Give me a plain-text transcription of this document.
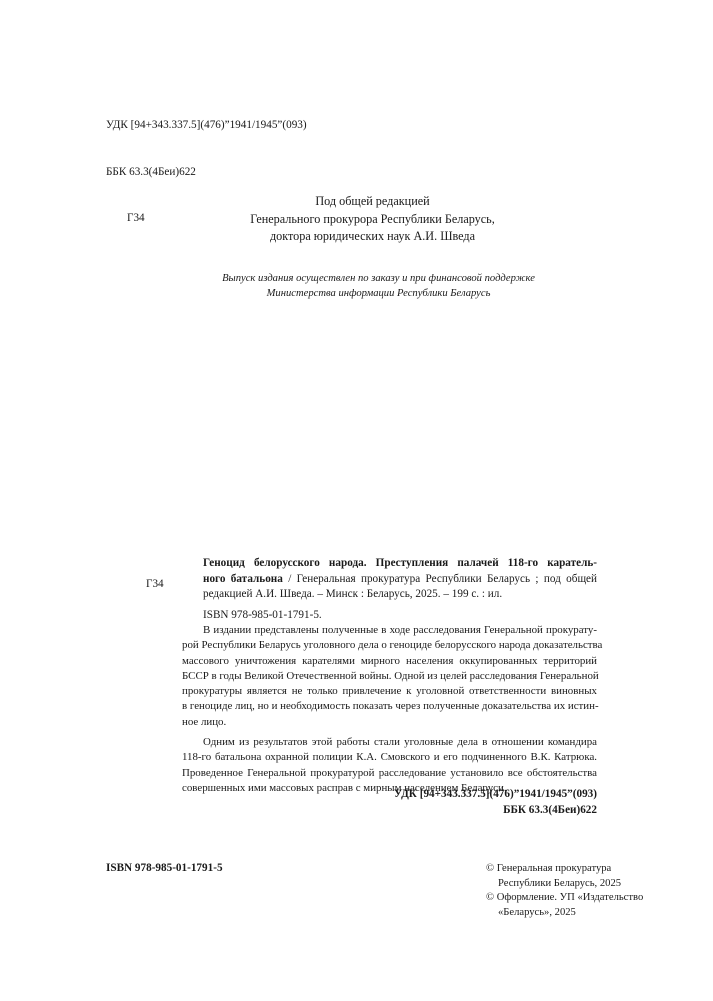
УДК [94+343.337.5](476)”1941/1945”(093)

ББК 63.3(4Беи)622

Г34

Под общей редакцией
Генерального прокурора Республики Беларусь,
доктора юридических наук А.И. Шведа
Выпуск издания осуществлен по заказу и при финансовой поддержке
Министерства информации Республики Беларусь
Г34
Геноцид белорусского народа. Преступления палачей 118-го каратель-
ного батальона / Генеральная прокуратура Республики Беларусь ; под общей
редакцией А.И. Шведа. – Минск : Беларусь, 2025. – 199 с. : ил.
ISBN 978-985-01-1791-5.
В издании представлены полученные в ходе расследования Генеральной прокурату-
рой Республики Беларусь уголовного дела о геноциде белорусского народа доказательства
массового уничтожения карателями мирного населения оккупированных территорий
БССР в годы Великой Отечественной войны. Одной из целей расследования Генеральной
прокуратуры является не только привлечение к уголовной ответственности виновных
в геноциде лиц, но и необходимость показать через полученные доказательства их истин-
ное лицо.
Одним из результатов этой работы стали уголовные дела в отношении командира
118-го батальона охранной полиции К.А. Смовского и его подчиненного В.К. Катрюка.
Проведенное Генеральной прокуратурой расследование установило все обстоятельства
совершенных ими массовых расправ с мирным населением Беларуси.
УДК [94+343.337.5](476)”1941/1945”(093)
ББК 63.3(4Беи)622
ISBN 978-985-01-1791-5	© Генеральная прокуратура
Республики Беларусь, 2025
© Оформление. УП «Издательство
«Беларусь», 2025
